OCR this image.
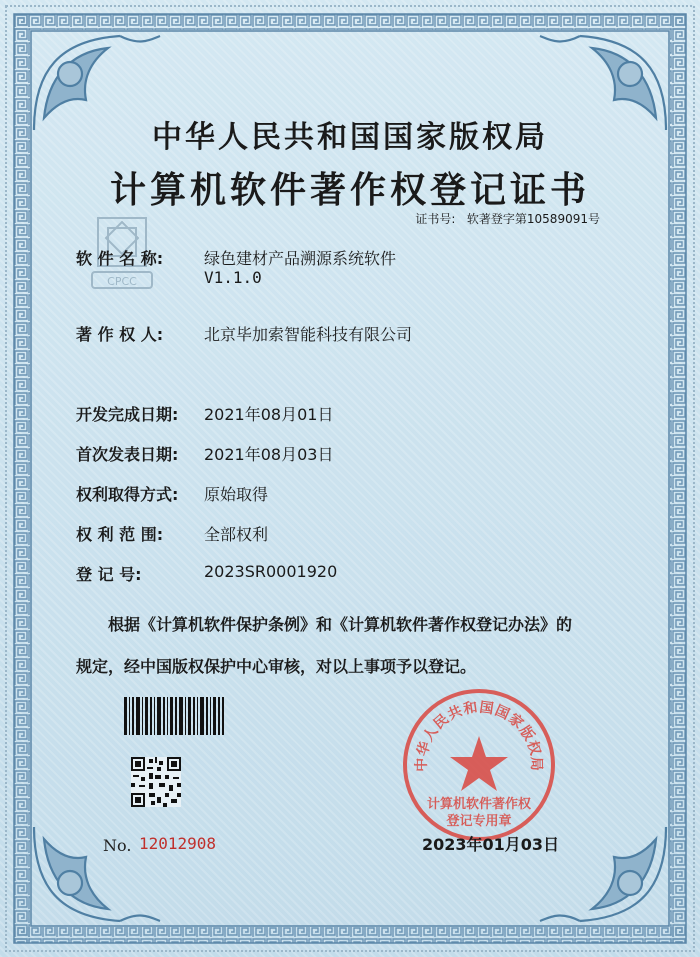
CPCC
中华人民共和国国家版权局
计算机软件著作权登记证书
证书号: 软著登字第10589091号
软 件 名 称:	绿色建材产品溯源系统软件
V1.1.0
著 作 权 人:	北京毕加索智能科技有限公司
开发完成日期: 2021年08月01日
首次发表日期: 2021年08月03日
权利取得方式: 原始取得
权 利 范 围:	全部权利
登 记 号:	2023SR0001920
根据《计算机软件保护条例》和《计算机软件著作权登记办法》的
规定，经中国版权保护中心审核，对以上事项予以登记。
中华人民共和国国家版权局
计算机软件著作权
登记专用章
No. 12012908	2023年01月03日
